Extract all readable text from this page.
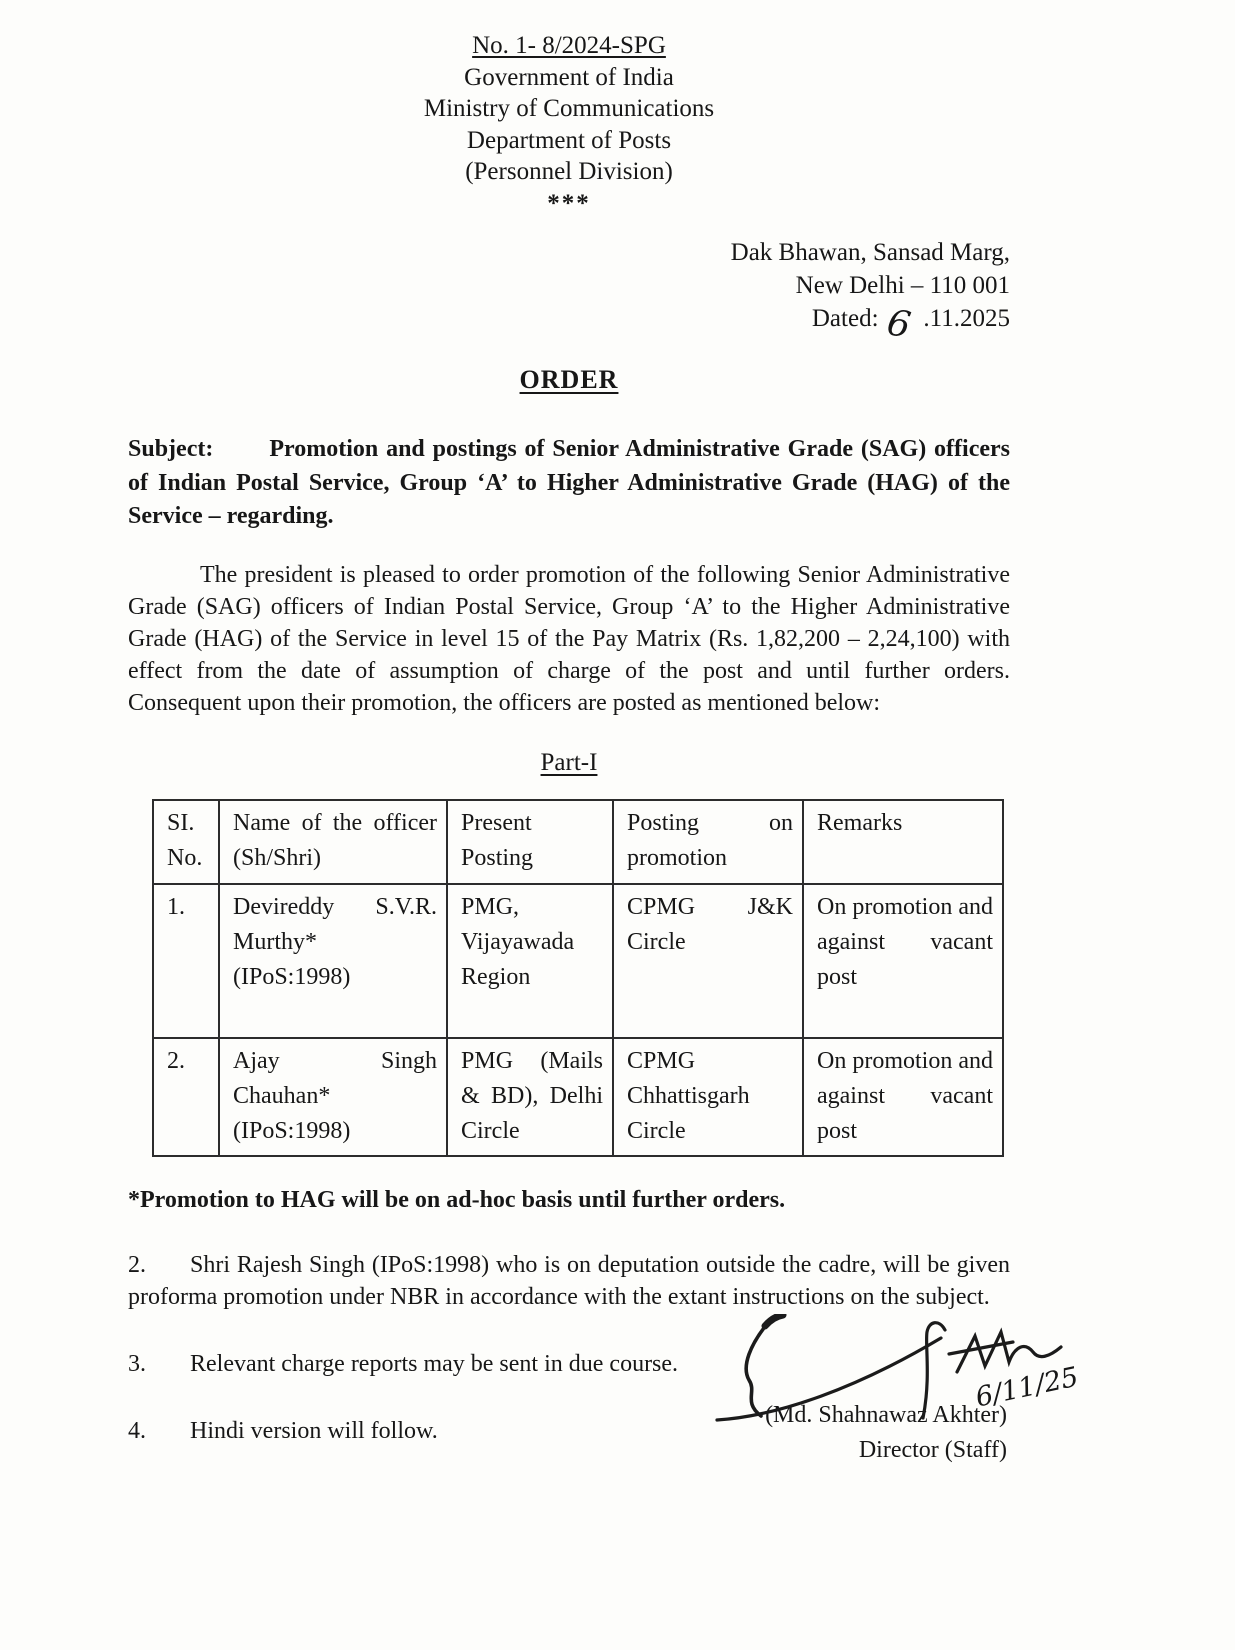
No. 1- 8/2024-SPG
Government of India
Ministry of Communications
Department of Posts
(Personnel Division)
***
Dak Bhawan, Sansad Marg,
New Delhi – 110 001
Dated: 6 .11.2025
ORDER

Subject: Promotion and postings of Senior Administrative Grade (SAG) officers of Indian Postal Service, Group ‘A’ to Higher Administrative Grade (HAG) of the Service – regarding.

The president is pleased to order promotion of the following Senior Administrative Grade (SAG) officers of Indian Postal Service, Group ‘A’ to the Higher Administrative Grade (HAG) of the Service in level 15 of the Pay Matrix (Rs. 1,82,200 – 2,24,100) with effect from the date of assumption of charge of the post and until further orders. Consequent upon their promotion, the officers are posted as mentioned below:

Part-I
SI. No.	Name of the officer (Sh/Shri)	Present Posting	Posting on promotion	Remarks
1.	Devireddy S.V.R. Murthy* (IPoS:1998)	PMG, Vijayawada Region	CPMG J&K Circle	On promotion and against vacant post
2.	Ajay Singh Chauhan* (IPoS:1998)	PMG (Mails & BD), Delhi Circle	CPMG Chhattisgarh Circle	On promotion and against vacant post
*Promotion to HAG will be on ad-hoc basis until further orders.

2. Shri Rajesh Singh (IPoS:1998) who is on deputation outside the cadre, will be given proforma promotion under NBR in accordance with the extant instructions on the subject.

3. Relevant charge reports may be sent in due course.

4. Hindi version will follow.

6/11/25
(Md. Shahnawaz Akhter)
Director (Staff)
